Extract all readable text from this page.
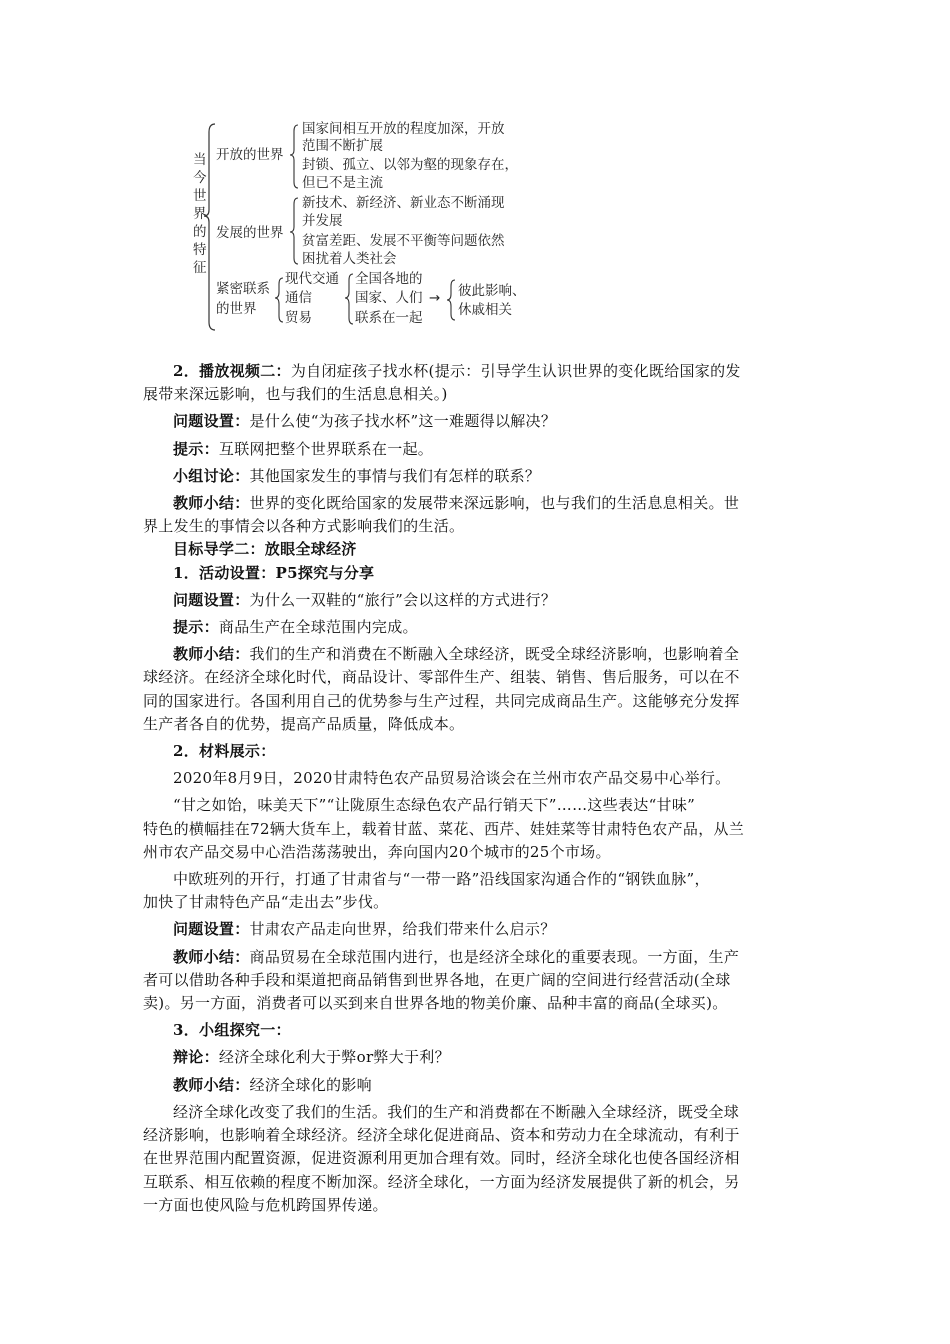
当
今
世
界
的
特
征
开放的世界
国家间相互开放的程度加深，开放
范围不断扩展
封锁、孤立、以邻为壑的现象存在，
但已不是主流
发展的世界
新技术、新经济、新业态不断涌现
并发展
贫富差距、发展不平衡等问题依然
困扰着人类社会
紧密联系
的世界
现代交通
通信
贸易
全国各地的
国家、人们
联系在一起
→ 彼此影响、
休戚相关

2．播放视频二：为自闭症孩子找水杯(提示：引导学生认识世界的变化既给国家的发

展带来深远影响，也与我们的生活息息相关。)

问题设置：是什么使“为孩子找水杯”这一难题得以解决？

提示：互联网把整个世界联系在一起。

小组讨论：其他国家发生的事情与我们有怎样的联系？

教师小结：世界的变化既给国家的发展带来深远影响，也与我们的生活息息相关。世

界上发生的事情会以各种方式影响我们的生活。

目标导学二：放眼全球经济

1．活动设置：P5探究与分享

问题设置：为什么一双鞋的“旅行”会以这样的方式进行？

提示：商品生产在全球范围内完成。

教师小结：我们的生产和消费在不断融入全球经济，既受全球经济影响，也影响着全

球经济。在经济全球化时代，商品设计、零部件生产、组装、销售、售后服务，可以在不

同的国家进行。各国利用自己的优势参与生产过程，共同完成商品生产。这能够充分发挥

生产者各自的优势，提高产品质量，降低成本。

2．材料展示：

2020年8月9日，2020甘肃特色农产品贸易洽谈会在兰州市农产品交易中心举行。

“甘之如饴，味美天下”“让陇原生态绿色农产品行销天下”……这些表达“甘味”

特色的横幅挂在72辆大货车上，载着甘蓝、菜花、西芹、娃娃菜等甘肃特色农产品，从兰

州市农产品交易中心浩浩荡荡驶出，奔向国内20个城市的25个市场。

中欧班列的开行，打通了甘肃省与“一带一路”沿线国家沟通合作的“钢铁血脉”，

加快了甘肃特色产品“走出去”步伐。

问题设置：甘肃农产品走向世界，给我们带来什么启示？

教师小结：商品贸易在全球范围内进行，也是经济全球化的重要表现。一方面，生产

者可以借助各种手段和渠道把商品销售到世界各地，在更广阔的空间进行经营活动(全球

卖)。另一方面，消费者可以买到来自世界各地的物美价廉、品种丰富的商品(全球买)。

3．小组探究一：

辩论：经济全球化利大于弊or弊大于利？

教师小结：经济全球化的影响

经济全球化改变了我们的生活。我们的生产和消费都在不断融入全球经济，既受全球

经济影响，也影响着全球经济。经济全球化促进商品、资本和劳动力在全球流动，有利于

在世界范围内配置资源，促进资源利用更加合理有效。同时，经济全球化也使各国经济相

互联系、相互依赖的程度不断加深。经济全球化，一方面为经济发展提供了新的机会，另

一方面也使风险与危机跨国界传递。
